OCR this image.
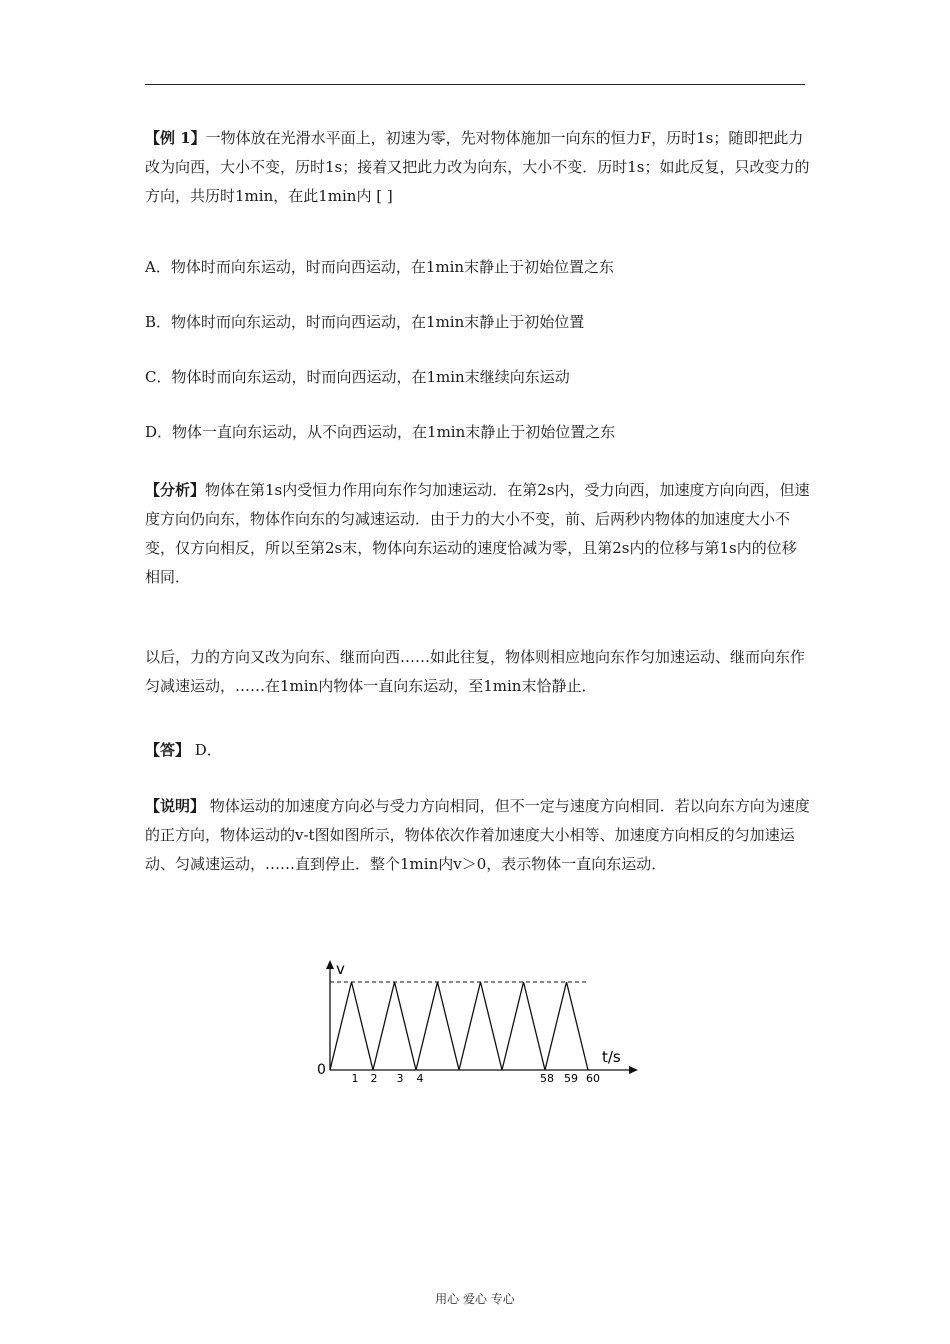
【例 1】一物体放在光滑水平面上，初速为零，先对物体施加一向东的恒力F，历时1s；随即把此力改为向西，大小不变，历时1s；接着又把此力改为向东，大小不变．历时1s；如此反复，只改变力的方向，共历时1min，在此1min内 [ ]

A．物体时而向东运动，时而向西运动，在1min末静止于初始位置之东

B．物体时而向东运动，时而向西运动，在1min末静止于初始位置

C．物体时而向东运动，时而向西运动，在1min末继续向东运动

D．物体一直向东运动，从不向西运动，在1min末静止于初始位置之东

【分析】物体在第1s内受恒力作用向东作匀加速运动．在第2s内，受力向西，加速度方向向西，但速度方向仍向东，物体作向东的匀减速运动．由于力的大小不变，前、后两秒内物体的加速度大小不变，仅方向相反，所以至第2s末，物体向东运动的速度恰减为零，且第2s内的位移与第1s内的位移相同．

以后，力的方向又改为向东、继而向西……如此往复，物体则相应地向东作匀加速运动、继而向东作匀减速运动，……在1min内物体一直向东运动，至1min末恰静止．

【答】 D．

【说明】 物体运动的加速度方向必与受力方向相同，但不一定与速度方向相同．若以向东方向为速度的正方向，物体运动的v-t图如图所示，物体依次作着加速度大小相等、加速度方向相反的匀加速运动、匀减速运动，……直到停止．整个1min内v＞0，表示物体一直向东运动．

v
t/s
0
1 2 3 4	58 59 60
用心 爱心 专心
